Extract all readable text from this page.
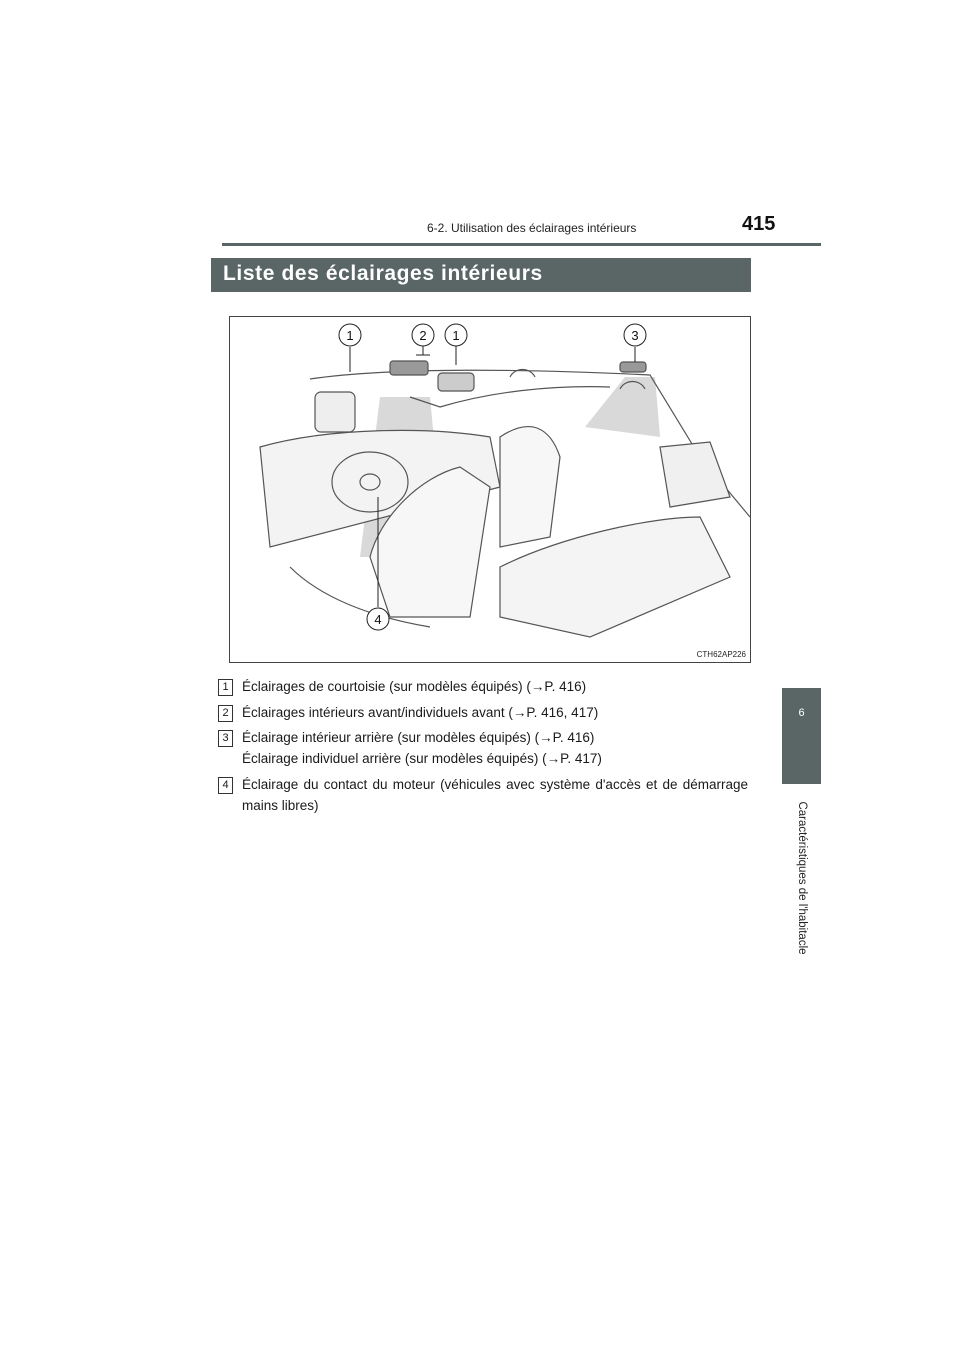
6-2. Utilisation des éclairages intérieurs	415
6
Caractéristiques de l'habitacle
Liste des éclairages intérieurs
1	2 1	3
4
CTH62AP226
1 Éclairages de courtoisie (sur modèles équipés) (→P. 416)
2 Éclairages intérieurs avant/individuels avant (→P. 416, 417)
3 Éclairage intérieur arrière (sur modèles équipés) (→P. 416)
Éclairage individuel arrière (sur modèles équipés) (→P. 417)
4 Éclairage du contact du moteur (véhicules avec système d'accès et de démarrage mains libres)
